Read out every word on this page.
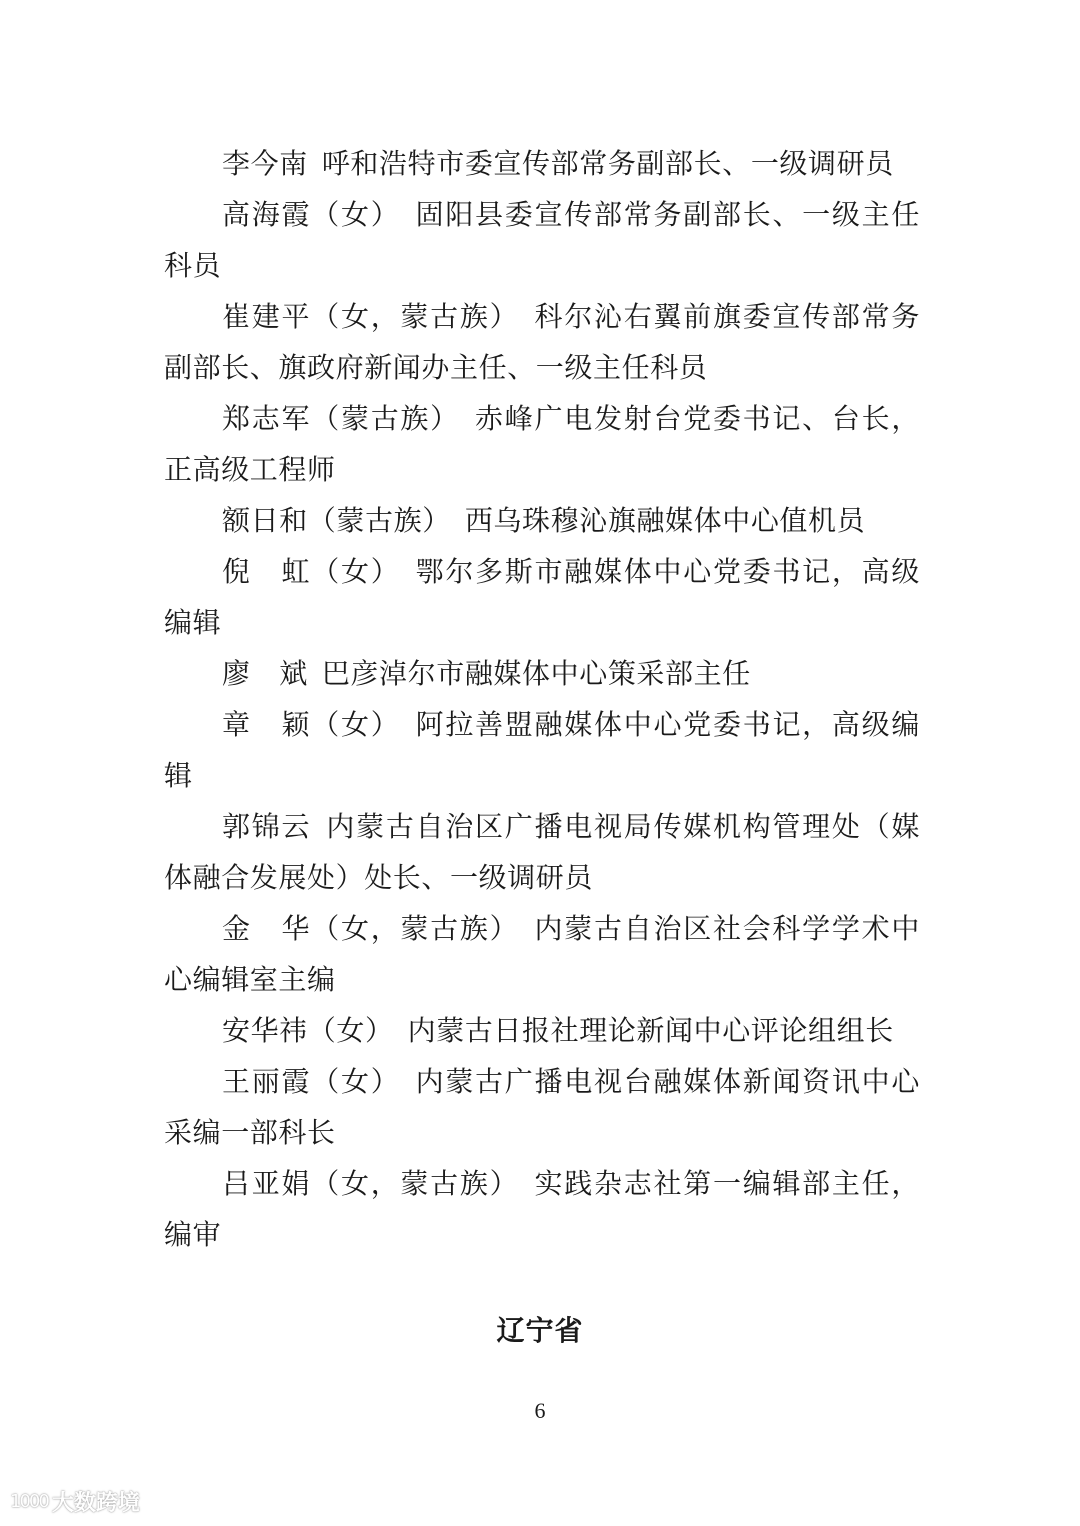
李今南 呼和浩特市委宣传部常务副部长、一级调研员

高海霞（女） 固阳县委宣传部常务副部长、一级主任科员

崔建平（女，蒙古族） 科尔沁右翼前旗委宣传部常务副部长、旗政府新闻办主任、一级主任科员

郑志军（蒙古族） 赤峰广电发射台党委书记、台长，正高级工程师

额日和（蒙古族） 西乌珠穆沁旗融媒体中心值机员

倪　虹（女） 鄂尔多斯市融媒体中心党委书记，高级编辑

廖　斌 巴彦淖尔市融媒体中心策采部主任

章　颖（女） 阿拉善盟融媒体中心党委书记，高级编辑

郭锦云 内蒙古自治区广播电视局传媒机构管理处（媒体融合发展处）处长、一级调研员

金　华（女，蒙古族） 内蒙古自治区社会科学学术中心编辑室主编

安华祎（女） 内蒙古日报社理论新闻中心评论组组长

王丽霞（女） 内蒙古广播电视台融媒体新闻资讯中心采编一部科长

吕亚娟（女，蒙古族） 实践杂志社第一编辑部主任，编审

辽宁省
6
1000 大数跨境
